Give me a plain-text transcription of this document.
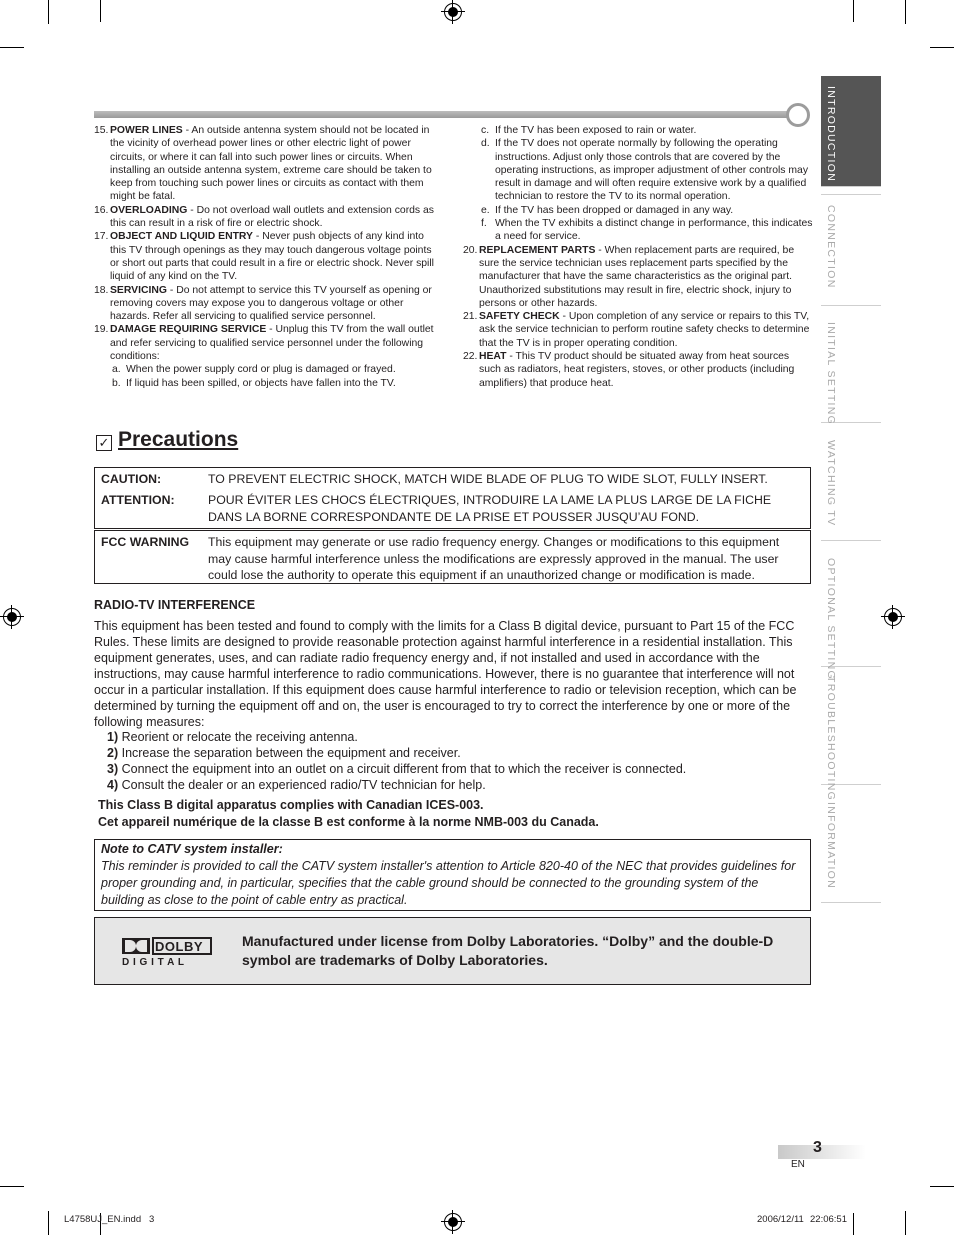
INTRODUCTION
CONNECTION
INITIAL SETTING
WATCHING TV
OPTIONAL SETTING
TROUBLESHOOTING
INFORMATION
15. POWER LINES - An outside antenna system should not be located in the vicinity of overhead power lines or other electric light of power circuits, or where it can fall into such power lines or circuits. When installing an outside antenna system, extreme care should be taken to keep from touching such power lines or circuits as contact with them might be fatal.
16. OVERLOADING - Do not overload wall outlets and extension cords as this can result in a risk of fire or electric shock.
17. OBJECT AND LIQUID ENTRY - Never push objects of any kind into this TV through openings as they may touch dangerous voltage points or short out parts that could result in a fire or electric shock. Never spill liquid of any kind on the TV.
18. SERVICING - Do not attempt to service this TV yourself as opening or removing covers may expose you to dangerous voltage or other hazards. Refer all servicing to qualified service personnel.
19. DAMAGE REQUIRING SERVICE - Unplug this TV from the wall outlet and refer servicing to qualified service personnel under the following conditions:
a. When the power supply cord or plug is damaged or frayed.
b. If liquid has been spilled, or objects have fallen into the TV.
c. If the TV has been exposed to rain or water.
d. If the TV does not operate normally by following the operating instructions. Adjust only those controls that are covered by the operating instructions, as improper adjustment of other controls may result in damage and will often require extensive work by a qualified technician to restore the TV to its normal operation.
e. If the TV has been dropped or damaged in any way.
f. When the TV exhibits a distinct change in performance, this indicates a need for service.
20. REPLACEMENT PARTS - When replacement parts are required, be sure the service technician uses replacement parts specified by the manufacturer that have the same characteristics as the original part. Unauthorized substitutions may result in fire, electric shock, injury to persons or other hazards.
21. SAFETY CHECK - Upon completion of any service or repairs to this TV, ask the service technician to perform routine safety checks to determine that the TV is in proper operating condition.
22. HEAT - This TV product should be situated away from heat sources such as radiators, heat registers, stoves, or other products (including amplifiers) that produce heat.
✓ Precautions
CAUTION:	TO PREVENT ELECTRIC SHOCK, MATCH WIDE BLADE OF PLUG TO WIDE SLOT, FULLY INSERT.
ATTENTION:	POUR ÉVITER LES CHOCS ÉLECTRIQUES, INTRODUIRE LA LAME LA PLUS LARGE DE LA FICHE DANS LA BORNE CORRESPONDANTE DE LA PRISE ET POUSSER JUSQU’AU FOND.
FCC WARNING This equipment may generate or use radio frequency energy. Changes or modifications to this equipment may cause harmful interference unless the modifications are expressly approved in the manual. The user could lose the authority to operate this equipment if an unauthorized change or modification is made.
RADIO-TV INTERFERENCE
This equipment has been tested and found to comply with the limits for a Class B digital device, pursuant to Part 15 of the FCC Rules. These limits are designed to provide reasonable protection against harmful interference in a residential installation. This equipment generates, uses, and can radiate radio frequency energy and, if not installed and used in accordance with the instructions, may cause harmful interference to radio communications. However, there is no guarantee that interference will not occur in a particular installation. If this equipment does cause harmful interference to radio or television reception, which can be determined by turning the equipment off and on, the user is encouraged to try to correct the interference by one or more of the following measures:
1) Reorient or relocate the receiving antenna.
2) Increase the separation between the equipment and receiver.
3) Connect the equipment into an outlet on a circuit different from that to which the receiver is connected.
4) Consult the dealer or an experienced radio/TV technician for help.
This Class B digital apparatus complies with Canadian ICES-003.
Cet appareil numérique de la classe B est conforme à la norme NMB-003 du Canada.
Note to CATV system installer:
This reminder is provided to call the CATV system installer's attention to Article 820-40 of the NEC that provides guidelines for proper grounding and, in particular, specifies that the cable ground should be connected to the grounding system of the building as close to the point of cable entry as practical.
DOLBY
D I G I T A L
Manufactured under license from Dolby Laboratories. “Dolby” and the double-D symbol are trademarks of Dolby Laboratories.
3
EN
L4758UJ_EN.indd   3	2006/12/11 22:06:51
